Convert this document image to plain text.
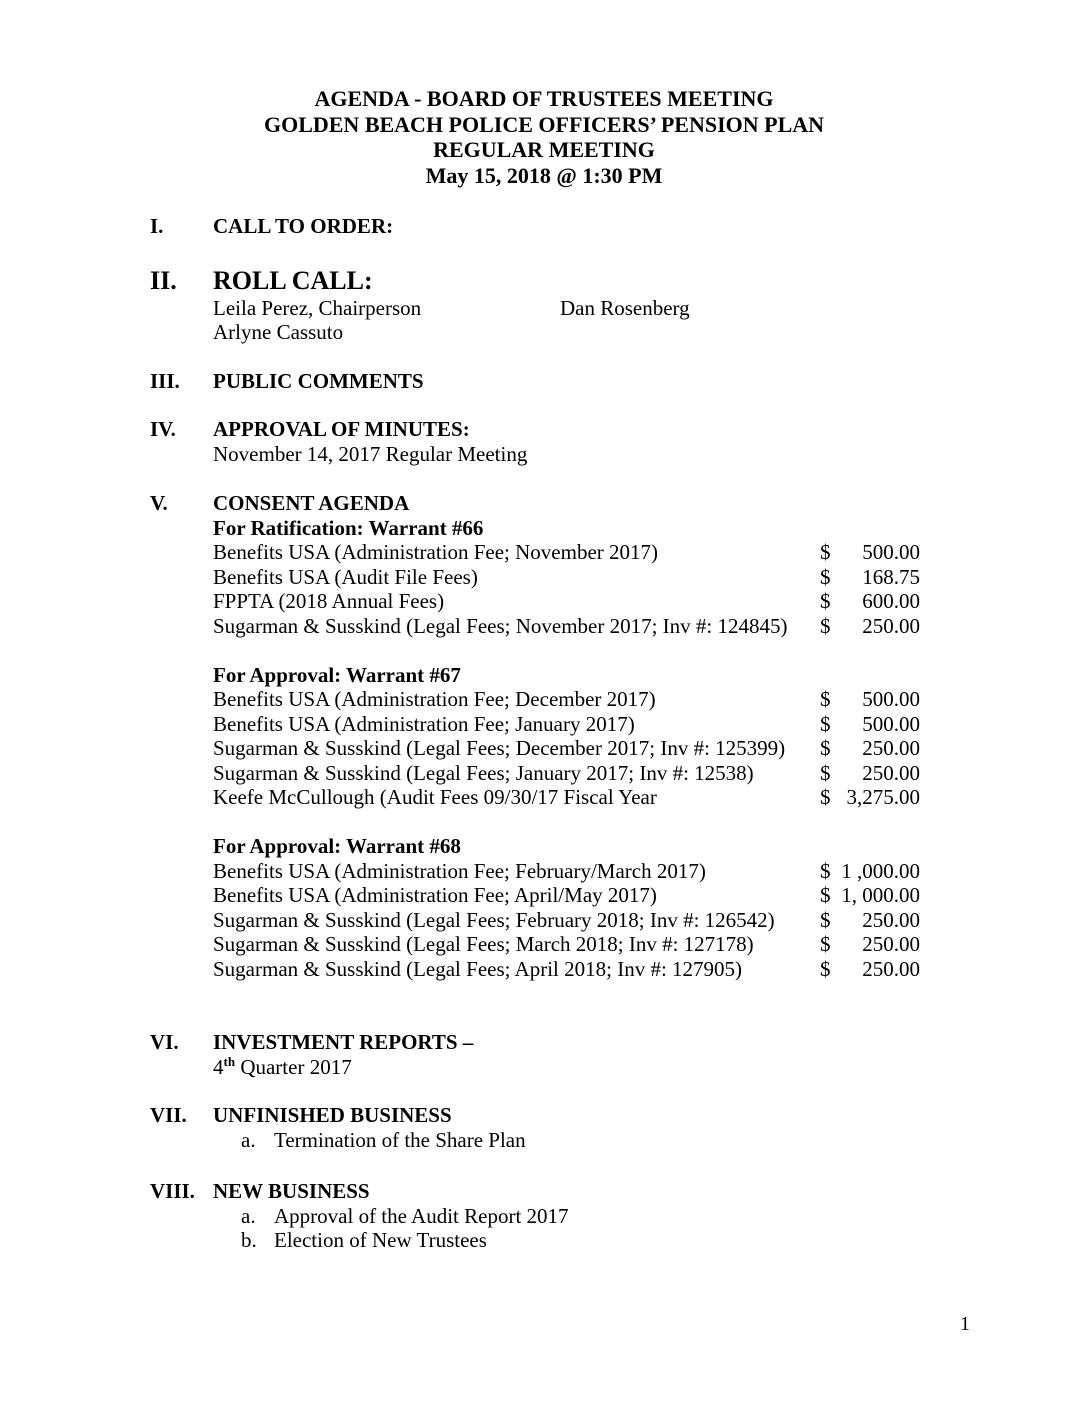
AGENDA - BOARD OF TRUSTEES MEETING
GOLDEN BEACH POLICE OFFICERS’ PENSION PLAN
REGULAR MEETING
May 15, 2018 @ 1:30 PM
I.	CALL TO ORDER:
II.	ROLL CALL:
Leila Perez, Chairperson	Dan Rosenberg
Arlyne Cassuto
III.	PUBLIC COMMENTS
IV.	APPROVAL OF MINUTES:
November 14, 2017 Regular Meeting
V.	CONSENT AGENDA
For Ratification: Warrant #66
Benefits USA (Administration Fee; November 2017)	$ 500.00
Benefits USA (Audit File Fees)	$ 168.75
FPPTA (2018 Annual Fees)	$ 600.00
Sugarman & Susskind (Legal Fees; November 2017; Inv #: 124845)	$ 250.00
For Approval: Warrant #67
Benefits USA (Administration Fee; December 2017)	$ 500.00
Benefits USA (Administration Fee; January 2017)	$ 500.00
Sugarman & Susskind (Legal Fees; December 2017; Inv #: 125399)	$ 250.00
Sugarman & Susskind (Legal Fees; January 2017; Inv #: 12538)	$ 250.00
Keefe McCullough (Audit Fees 09/30/17 Fiscal Year	$ 3,275.00
For Approval: Warrant #68
Benefits USA (Administration Fee; February/March 2017)	$ 1 ,000.00
Benefits USA (Administration Fee; April/May 2017)	$ 1, 000.00
Sugarman & Susskind (Legal Fees; February 2018; Inv #: 126542)	$ 250.00
Sugarman & Susskind (Legal Fees; March 2018; Inv #: 127178)	$ 250.00
Sugarman & Susskind (Legal Fees; April 2018; Inv #: 127905)	$ 250.00
VI.	INVESTMENT REPORTS –
4th Quarter 2017
VII.	UNFINISHED BUSINESS
a. Termination of the Share Plan
VIII. NEW BUSINESS
a. Approval of the Audit Report 2017
b. Election of New Trustees
1
